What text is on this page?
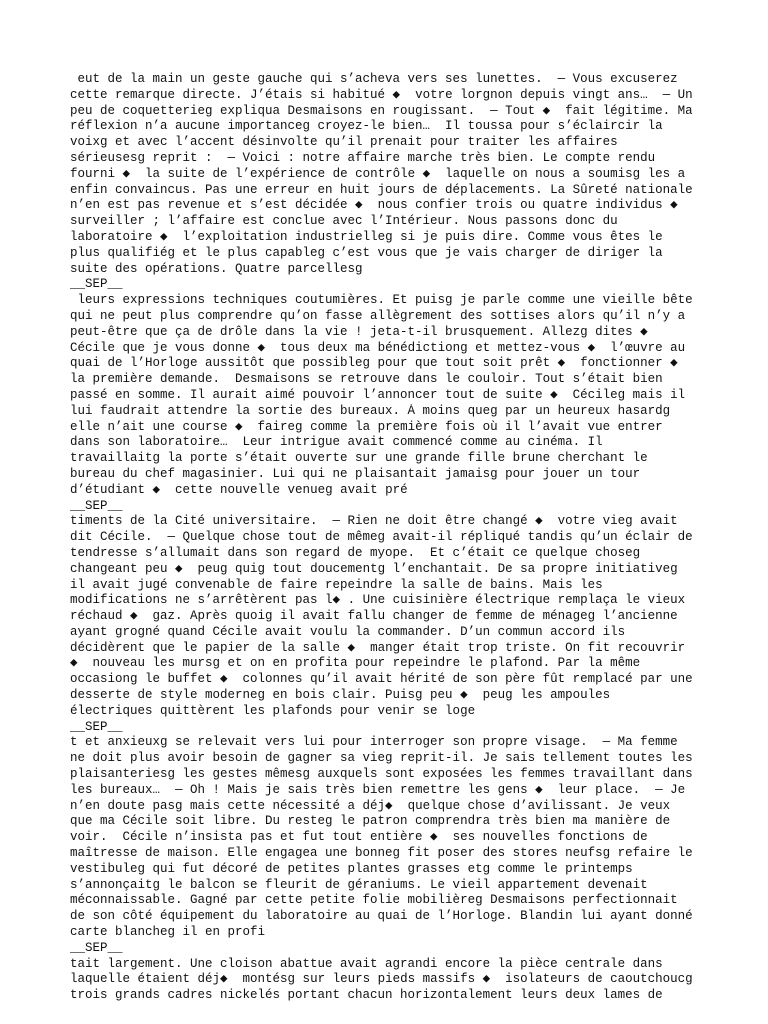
eut de la main un geste gauche qui s’acheva vers ses lunettes.  — Vous excuserez
cette remarque directe. J’étais si habitué ◆  votre lorgnon depuis vingt ans…  — Un
peu de coquetterieg expliqua Desmaisons en rougissant.  — Tout ◆  fait légitime. Ma
réflexion n’a aucune importanceg croyez-le bien…  Il toussa pour s’éclaircir la
voixg et avec l’accent désinvolte qu’il prenait pour traiter les affaires
sérieusesg reprit :  — Voici : notre affaire marche très bien. Le compte rendu
fourni ◆  la suite de l’expérience de contrôle ◆  laquelle on nous a soumisg les a
enfin convaincus. Pas une erreur en huit jours de déplacements. La Sûreté nationale
n’en est pas revenue et s’est décidée ◆  nous confier trois ou quatre individus ◆
surveiller ; l’affaire est conclue avec l’Intérieur. Nous passons donc du
laboratoire ◆  l’exploitation industrielleg si je puis dire. Comme vous êtes le
plus qualifiég et le plus capableg c’est vous que je vais charger de diriger la
suite des opérations. Quatre parcellesg
__SEP__
leurs expressions techniques coutumières. Et puisg je parle comme une vieille bête
qui ne peut plus comprendre qu’on fasse allègrement des sottises alors qu’il n’y a
peut-être que ça de drôle dans la vie ! jeta-t-il brusquement. Allezg dites ◆
Cécile que je vous donne ◆  tous deux ma bénédictiong et mettez-vous ◆  l’œuvre au
quai de l’Horloge aussitôt que possibleg pour que tout soit prêt ◆  fonctionner ◆
la première demande.  Desmaisons se retrouve dans le couloir. Tout s’était bien
passé en somme. Il aurait aimé pouvoir l’annoncer tout de suite ◆  Cécileg mais il
lui faudrait attendre la sortie des bureaux. À moins queg par un heureux hasardg
elle n’ait une course ◆  faireg comme la première fois où il l’avait vue entrer
dans son laboratoire…  Leur intrigue avait commencé comme au cinéma. Il
travaillaitg la porte s’était ouverte sur une grande fille brune cherchant le
bureau du chef magasinier. Lui qui ne plaisantait jamaisg pour jouer un tour
d’étudiant ◆  cette nouvelle venueg avait pré
__SEP__
timents de la Cité universitaire.  — Rien ne doit être changé ◆  votre vieg avait
dit Cécile.  — Quelque chose tout de mêmeg avait-il répliqué tandis qu’un éclair de
tendresse s’allumait dans son regard de myope.  Et c’était ce quelque choseg
changeant peu ◆  peug quig tout doucementg l’enchantait. De sa propre initiativeg
il avait jugé convenable de faire repeindre la salle de bains. Mais les
modifications ne s’arrêtèrent pas l◆ . Une cuisinière électrique remplaça le vieux
réchaud ◆  gaz. Après quoig il avait fallu changer de femme de ménageg l’ancienne
ayant grogné quand Cécile avait voulu la commander. D’un commun accord ils
décidèrent que le papier de la salle ◆  manger était trop triste. On fit recouvrir
◆  nouveau les mursg et on en profita pour repeindre le plafond. Par la même
occasiong le buffet ◆  colonnes qu’il avait hérité de son père fût remplacé par une
desserte de style moderneg en bois clair. Puisg peu ◆  peug les ampoules
électriques quittèrent les plafonds pour venir se loge
__SEP__
t et anxieuxg se relevait vers lui pour interroger son propre visage.  — Ma femme
ne doit plus avoir besoin de gagner sa vieg reprit-il. Je sais tellement toutes les
plaisanteriesg les gestes mêmesg auxquels sont exposées les femmes travaillant dans
les bureaux…  — Oh ! Mais je sais très bien remettre les gens ◆  leur place.  — Je
n’en doute pasg mais cette nécessité a déj◆  quelque chose d’avilissant. Je veux
que ma Cécile soit libre. Du resteg le patron comprendra très bien ma manière de
voir.  Cécile n’insista pas et fut tout entière ◆  ses nouvelles fonctions de
maîtresse de maison. Elle engagea une bonneg fit poser des stores neufsg refaire le
vestibuleg qui fut décoré de petites plantes grasses etg comme le printemps
s’annonçaitg le balcon se fleurit de géraniums. Le vieil appartement devenait
méconnaissable. Gagné par cette petite folie mobilièreg Desmaisons perfectionnait
de son côté équipement du laboratoire au quai de l’Horloge. Blandin lui ayant donné
carte blancheg il en profi
__SEP__
tait largement. Une cloison abattue avait agrandi encore la pièce centrale dans
laquelle étaient déj◆  montésg sur leurs pieds massifs ◆  isolateurs de caoutchoucg
trois grands cadres nickelés portant chacun horizontalement leurs deux lames de
